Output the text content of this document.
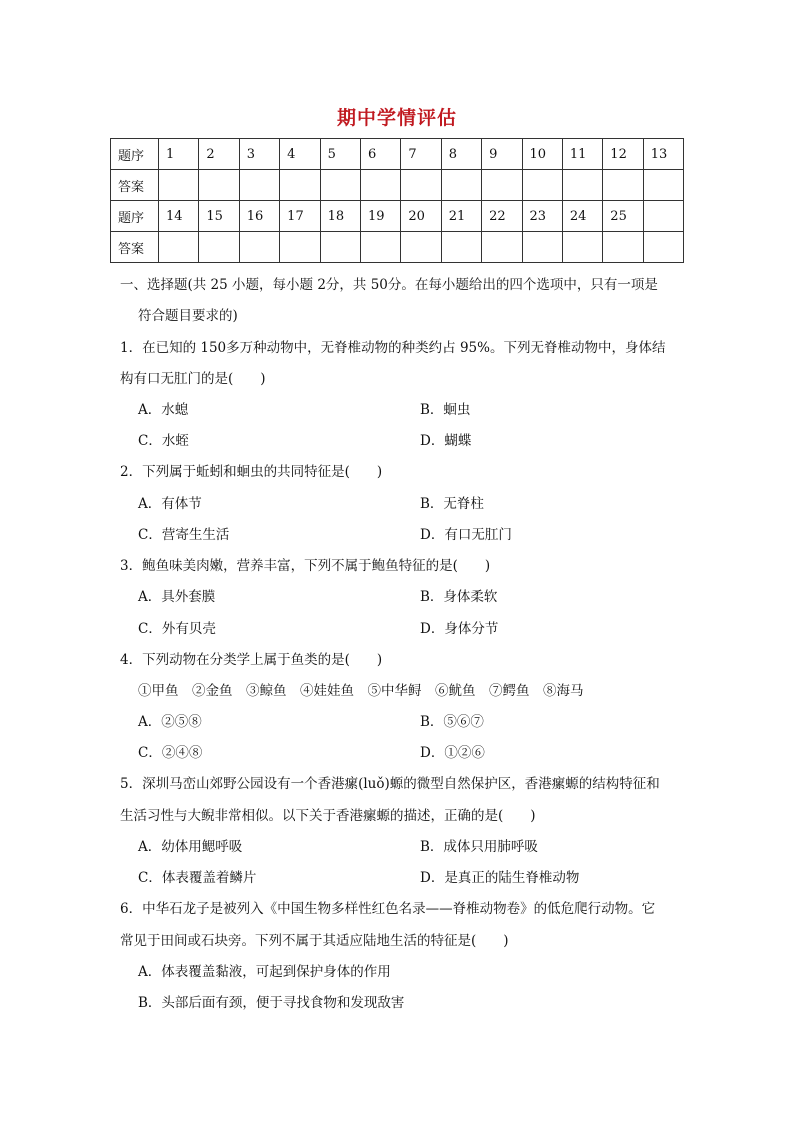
期中学情评估
题序	1	2	3	4	5	6	7	8	9	10	11	12	13
答案													
题序	14	15	16	17	18	19	20	21	22	23	24	25	
答案													
一、选择题(共 25 小题，每小题 2分，共 50分。在每小题给出的四个选项中，只有一项是
符合题目要求的)
1．在已知的 150多万种动物中，无脊椎动物的种类约占 95%。下列无脊椎动物中，身体结
构有口无肛门的是(　　)
A．水螅	B．蛔虫
C．水蛭	D．蝴蝶
2．下列属于蚯蚓和蛔虫的共同特征是(　　)
A．有体节	B．无脊柱
C．营寄生生活	D．有口无肛门
3．鲍鱼味美肉嫩，营养丰富，下列不属于鲍鱼特征的是(　　)
A．具外套膜	B．身体柔软
C．外有贝壳	D．身体分节
4．下列动物在分类学上属于鱼类的是(　　)
①甲鱼　②金鱼　③鲸鱼　④娃娃鱼　⑤中华鲟　⑥鱿鱼　⑦鳄鱼　⑧海马
A．②⑤⑧	B．⑤⑥⑦
C．②④⑧	D．①②⑥
5．深圳马峦山郊野公园设有一个香港瘰(luǒ)螈的微型自然保护区，香港瘰螈的结构特征和
生活习性与大鲵非常相似。以下关于香港瘰螈的描述，正确的是(　　)
A．幼体用鳃呼吸	B．成体只用肺呼吸
C．体表覆盖着鳞片	D．是真正的陆生脊椎动物
6．中华石龙子是被列入《中国生物多样性红色名录——脊椎动物卷》的低危爬行动物。它
常见于田间或石块旁。下列不属于其适应陆地生活的特征是(　　)
A．体表覆盖黏液，可起到保护身体的作用
B．头部后面有颈，便于寻找食物和发现敌害
